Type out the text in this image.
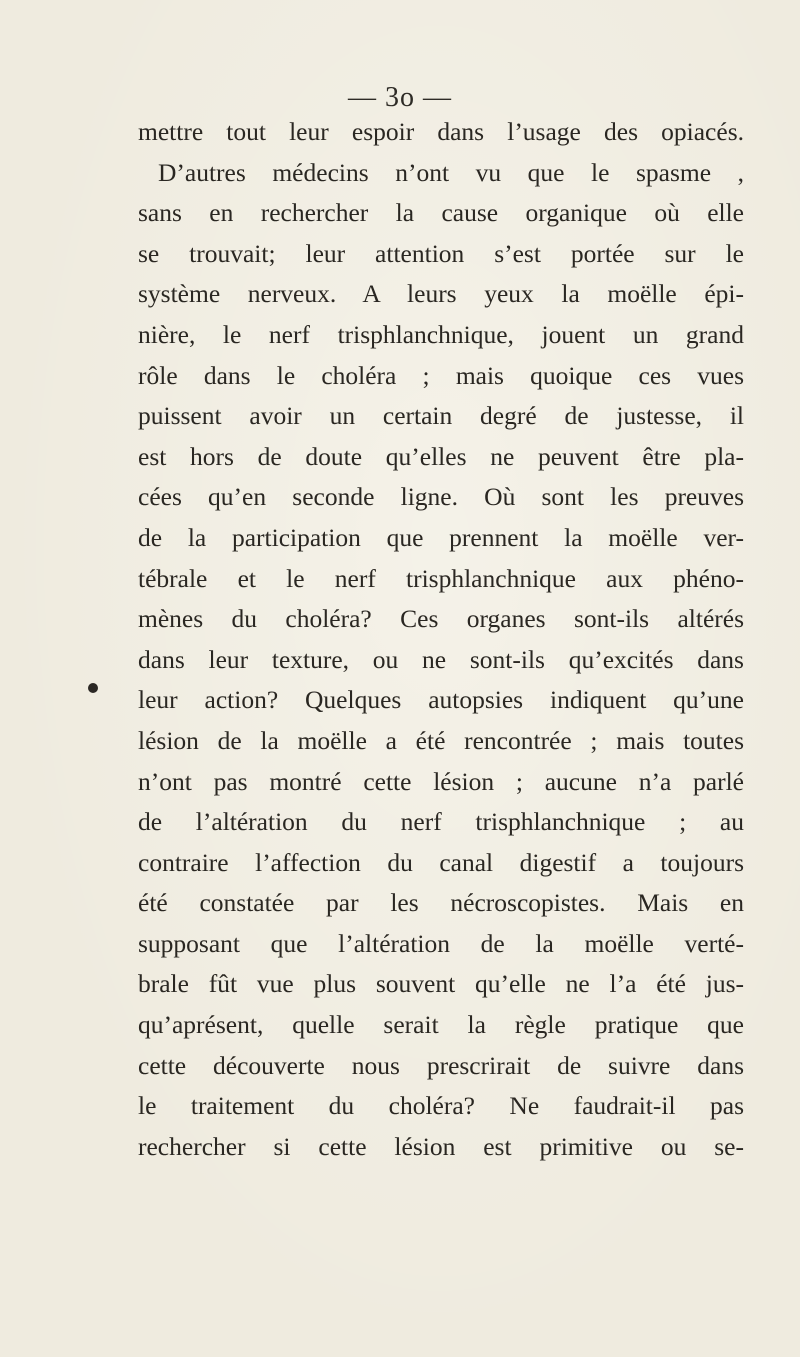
— 3o —
mettre tout leur espoir dans l’usage des opiacés.
D’autres médecins n’ont vu que le spasme ,
sans en rechercher la cause organique où elle
se trouvait; leur attention s’est portée sur le
système nerveux. A leurs yeux la moëlle épi-
nière, le nerf trisphlanchnique, jouent un grand
rôle dans le choléra ; mais quoique ces vues
puissent avoir un certain degré de justesse, il
est hors de doute qu’elles ne peuvent être pla-
cées qu’en seconde ligne. Où sont les preuves
de la participation que prennent la moëlle ver-
tébrale et le nerf trisphlanchnique aux phéno-
mènes du choléra? Ces organes sont-ils altérés
dans leur texture, ou ne sont-ils qu’excités dans
leur action? Quelques autopsies indiquent qu’une
lésion de la moëlle a été rencontrée ; mais toutes
n’ont pas montré cette lésion ; aucune n’a parlé
de l’altération du nerf trisphlanchnique ; au
contraire l’affection du canal digestif a toujours
été constatée par les nécroscopistes. Mais en
supposant que l’altération de la moëlle verté-
brale fût vue plus souvent qu’elle ne l’a été jus-
qu’aprésent, quelle serait la règle pratique que
cette découverte nous prescrirait de suivre dans
le traitement du choléra? Ne faudrait-il pas
rechercher si cette lésion est primitive ou se-
